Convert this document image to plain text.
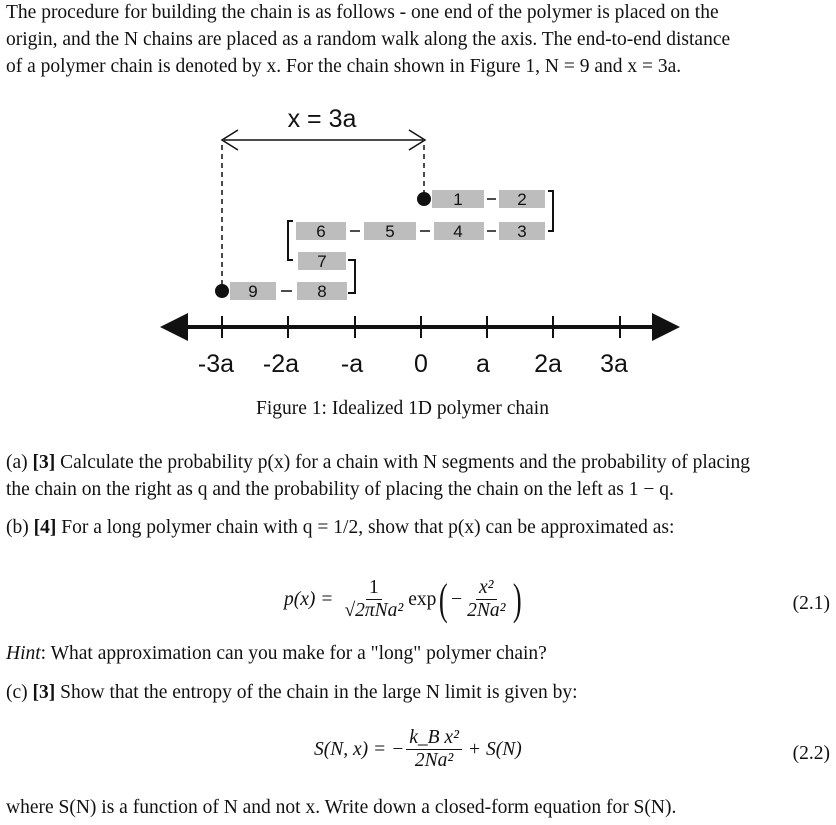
The procedure for building the chain is as follows - one end of the polymer is placed on the
origin, and the N chains are placed as a random walk along the axis. The end-to-end distance
of a polymer chain is denoted by x. For the chain shown in Figure 1, N = 9 and x = 3a.
x = 3a
1	2
6	5	4	3
7
9	8
-3a -2a -a 0 a 2a 3a
Figure 1: Idealized 1D polymer chain
(a) [3] Calculate the probability p(x) for a chain with N segments and the probability of placing
the chain on the right as q and the probability of placing the chain on the left as 1 − q.
(b) [4] For a long polymer chain with q = 1/2, show that p(x) can be approximated as:
$p(x) = \frac{1}{\text{√2πNa²}}$ exp ( − $\frac{\text{x²}}{\text{2Na²}}$ )	(2.1)
Hint: What approximation can you make for a "long" polymer chain?
(c) [3] Show that the entropy of the chain in the large N limit is given by:
S(N, x) = − $\frac{\text{k\_B x²}}{\text{2Na²}} + S(N)$	(2.2)
where S(N) is a function of N and not x. Write down a closed-form equation for S(N).
